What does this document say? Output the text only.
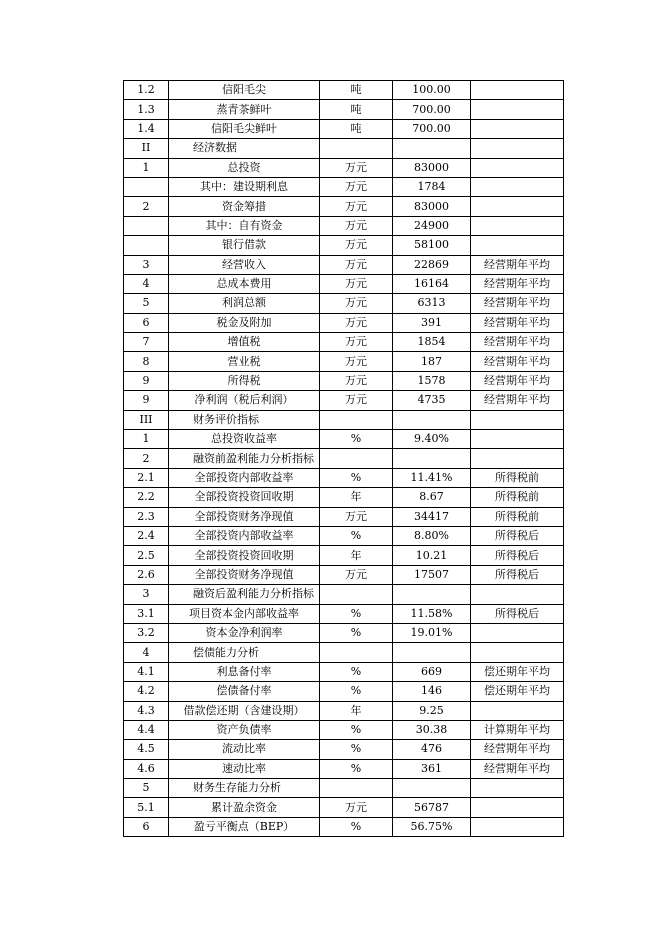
1.2	信阳毛尖	吨	100.00	
1.3	蒸青茶鲜叶	吨	700.00	
1.4	信阳毛尖鲜叶	吨	700.00	
II	经济数据			
1	总投资	万元	83000	
	其中：建设期利息	万元	1784	
2	资金筹措	万元	83000	
	其中：自有资金	万元	24900	
	银行借款	万元	58100	
3	经营收入	万元	22869	经营期年平均
4	总成本费用	万元	16164	经营期年平均
5	利润总额	万元	6313	经营期年平均
6	税金及附加	万元	391	经营期年平均
7	增值税	万元	1854	经营期年平均
8	营业税	万元	187	经营期年平均
9	所得税	万元	1578	经营期年平均
9	净利润（税后利润）	万元	4735	经营期年平均
III	财务评价指标			
1	总投资收益率	%	9.40%	
2	融资前盈利能力分析指标			
2.1	全部投资内部收益率	%	11.41%	所得税前
2.2	全部投资投资回收期	年	8.67	所得税前
2.3	全部投资财务净现值	万元	34417	所得税前
2.4	全部投资内部收益率	%	8.80%	所得税后
2.5	全部投资投资回收期	年	10.21	所得税后
2.6	全部投资财务净现值	万元	17507	所得税后
3	融资后盈利能力分析指标			
3.1	项目资本金内部收益率	%	11.58%	所得税后
3.2	资本金净利润率	%	19.01%	
4	偿债能力分析			
4.1	利息备付率	%	669	偿还期年平均
4.2	偿债备付率	%	146	偿还期年平均
4.3	借款偿还期（含建设期）	年	9.25	
4.4	资产负债率	%	30.38	计算期年平均
4.5	流动比率	%	476	经营期年平均
4.6	速动比率	%	361	经营期年平均
5	财务生存能力分析			
5.1	累计盈余资金	万元	56787	
6	盈亏平衡点（BEP）	%	56.75%	
